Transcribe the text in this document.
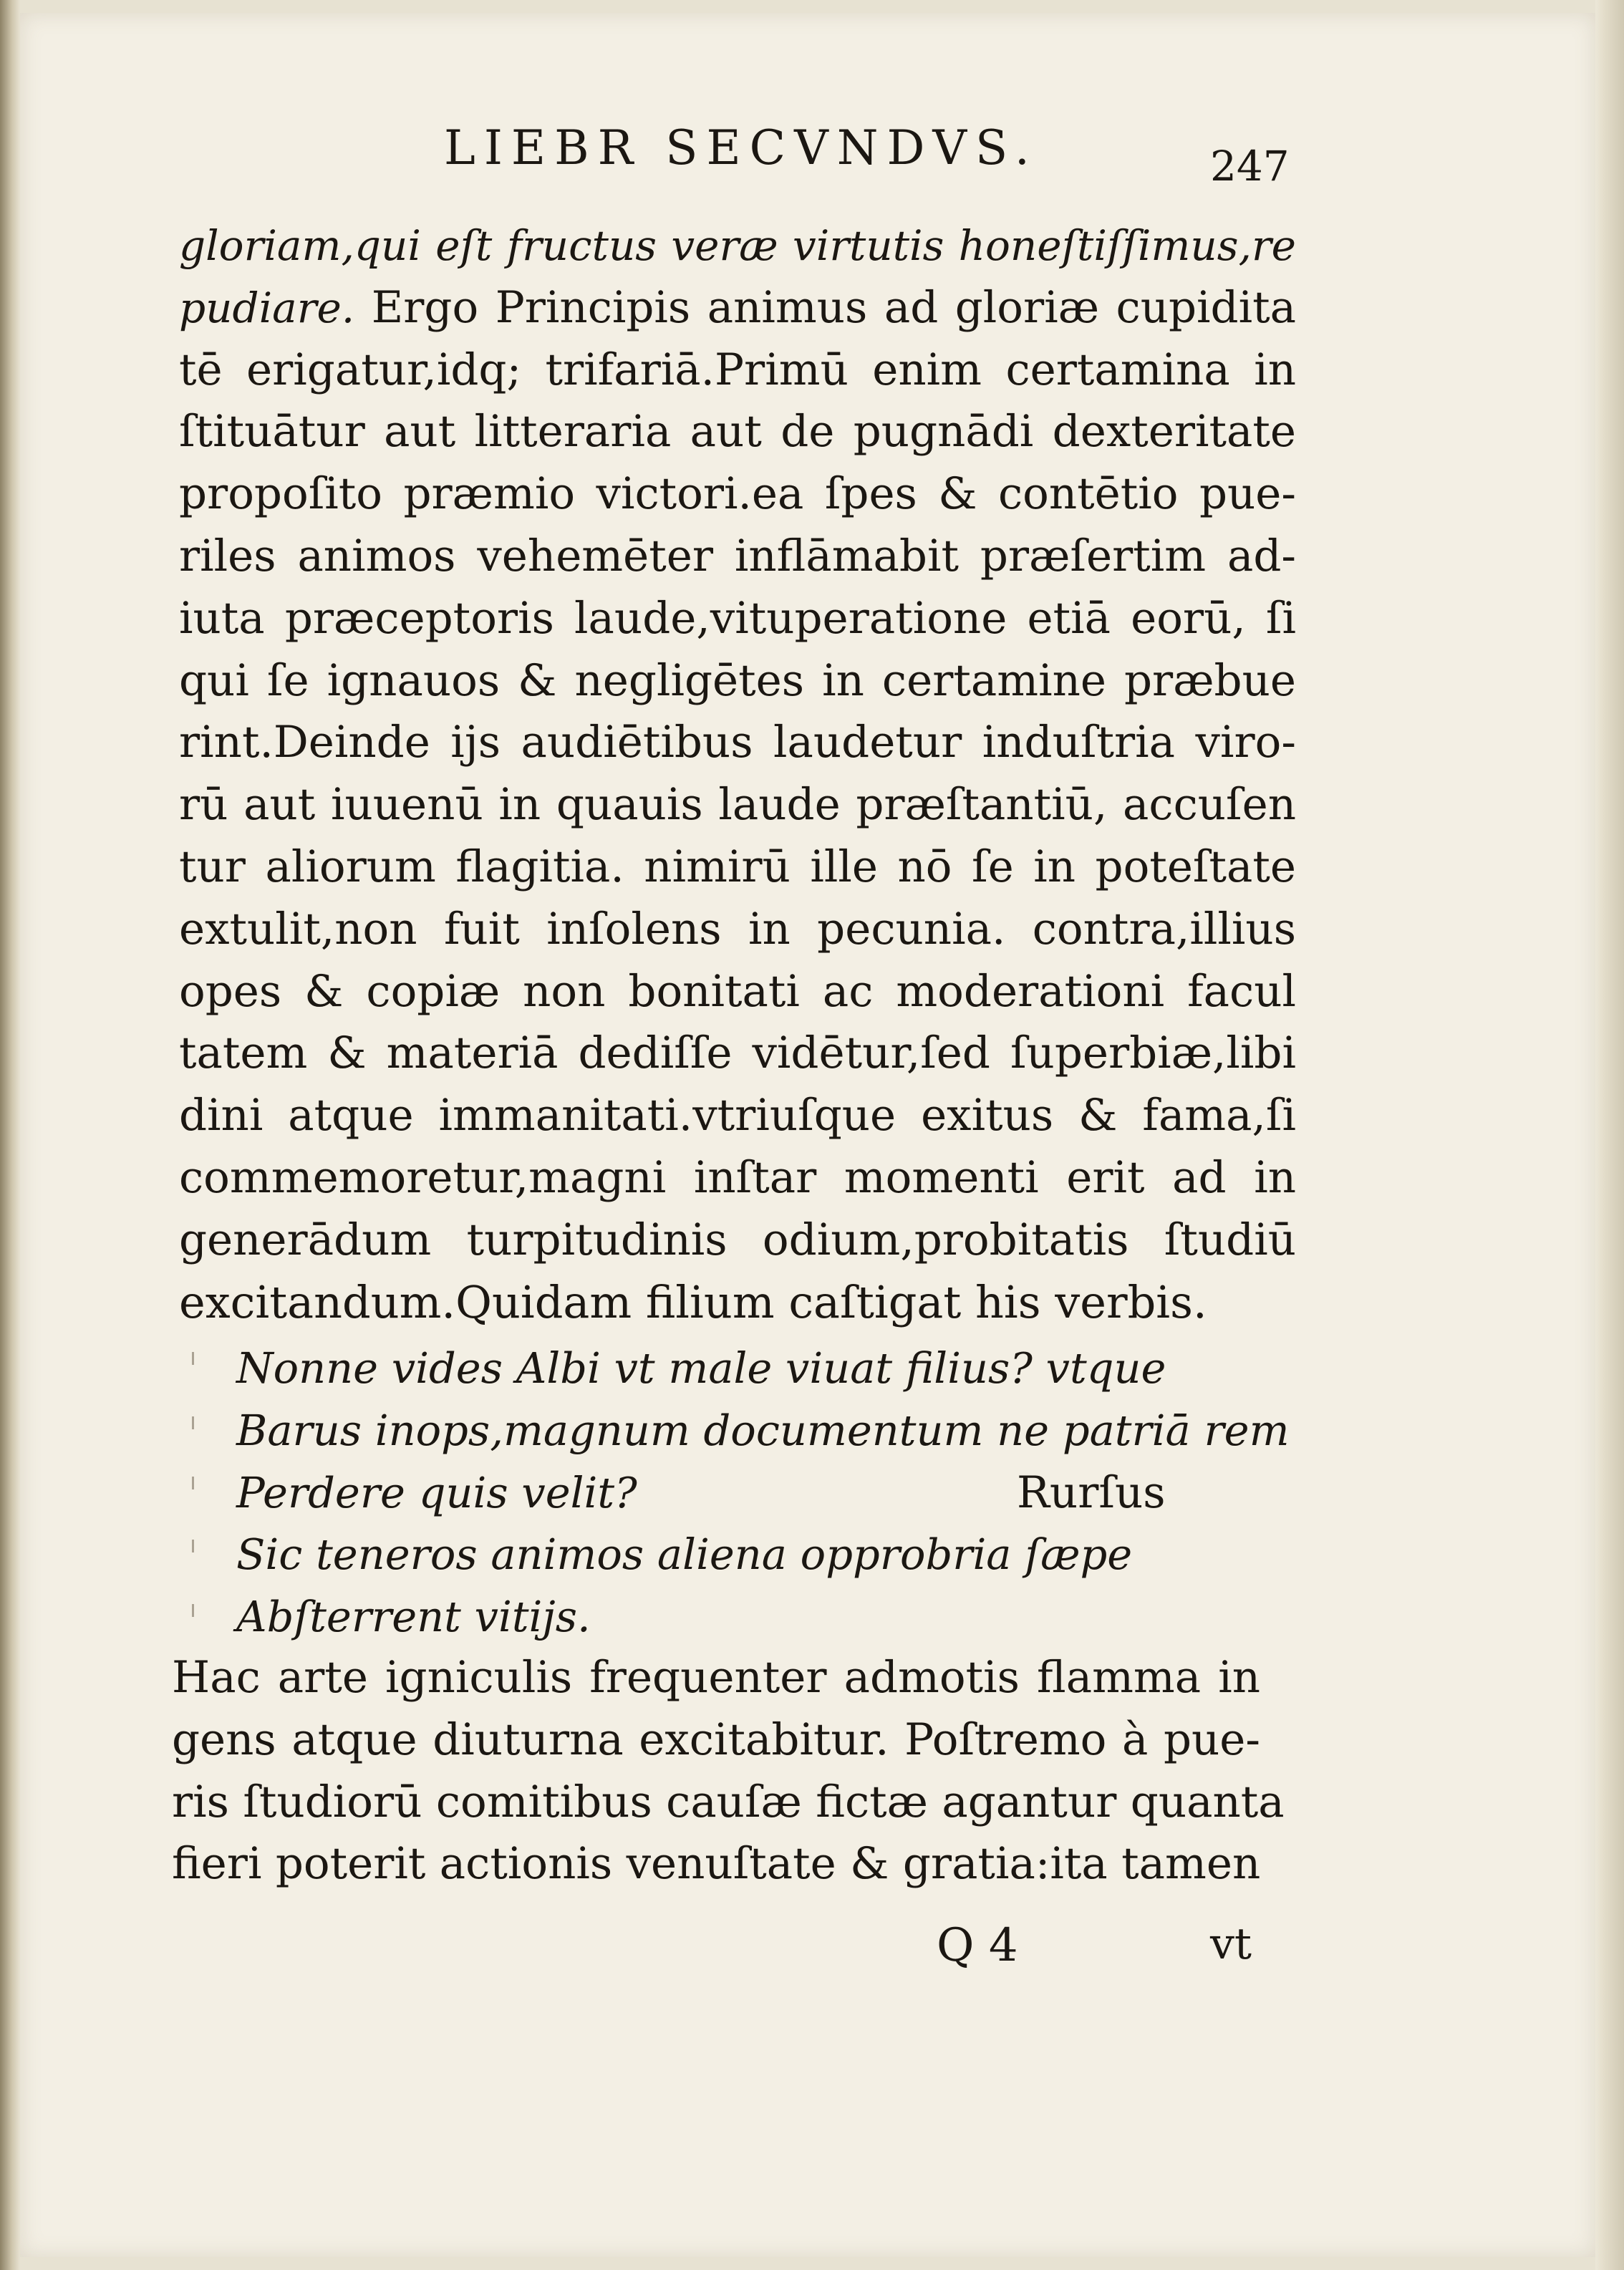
LIEBR SECVNDVS.	247
gloriam,qui eſt fructus veræ virtutis honeſtiſſimus,re
pudiare. Ergo Principis animus ad gloriæ cupidita
tē erigatur,idq; trifariā.Primū enim certamina in
ſtituātur aut litteraria aut de pugnādi dexteritate
propoſito præmio victori.ea ſpes & contētio pue-
riles animos vehemēter inflāmabit præſertim ad-
iuta præceptoris laude,vituperatione etiā eorū, ſi
qui ſe ignauos & negligētes in certamine præbue
rint.Deinde ijs audiētibus laudetur induſtria viro-
rū aut iuuenū in quauis laude præſtantiū, accuſen
tur aliorum flagitia. nimirū ille nō ſe in poteſtate
extulit,non fuit inſolens in pecunia. contra,illius
opes & copiæ non bonitati ac moderationi facul
tatem & materiā dediſſe vidētur,ſed ſuperbiæ,libi
dini atque immanitati.vtriuſque exitus & fama,ſi
commemoretur,magni inſtar momenti erit ad in
generādum turpitudinis odium,probitatis ſtudiū
excitandum.Quidam filium caſtigat his verbis.
Nonne vides Albi vt male viuat filius? vtque
Barus inops,magnum documentum ne patriā rem
Perdere quis velit?	Rurſus
Sic teneros animos aliena opprobria ſæpe
Abſterrent vitijs.
Hac arte igniculis frequenter admotis flamma in
gens atque diuturna excitabitur. Poſtremo à pue-
ris ſtudiorū comitibus cauſæ fictæ agantur quanta
fieri poterit actionis venuſtate & gratia:ita tamen
Q 4	vt
